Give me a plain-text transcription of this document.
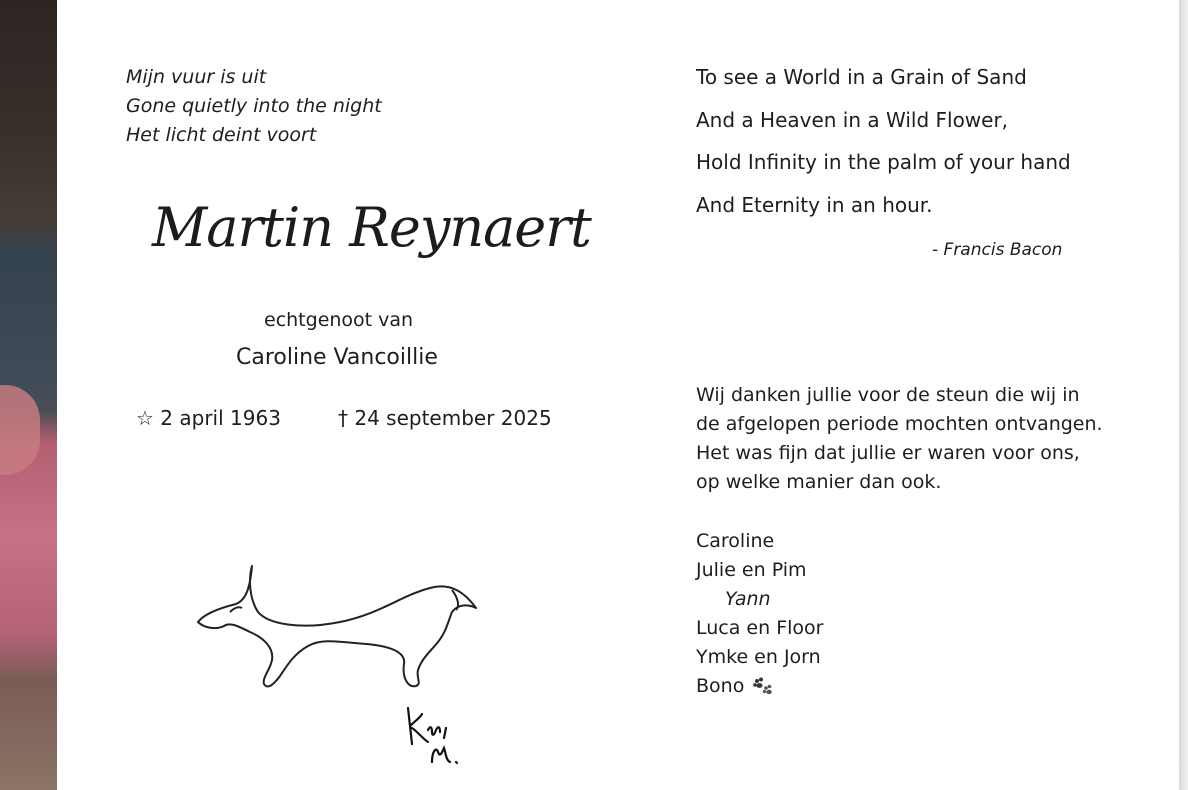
Mijn vuur is uit
Gone quietly into the night
Het licht deint voort
Martin Reynaert
echtgenoot van
Caroline Vancoillie
☆ 2 april 1963	† 24 september 2025
To see a World in a Grain of Sand
And a Heaven in a Wild Flower,
Hold Infinity in the palm of your hand
And Eternity in an hour.
- Francis Bacon
Wij danken jullie voor de steun die wij in
de afgelopen periode mochten ontvangen.
Het was fijn dat jullie er waren voor ons,
op welke manier dan ook.
Caroline
Julie en Pim
Yann
Luca en Floor
Ymke en Jorn
Bono
